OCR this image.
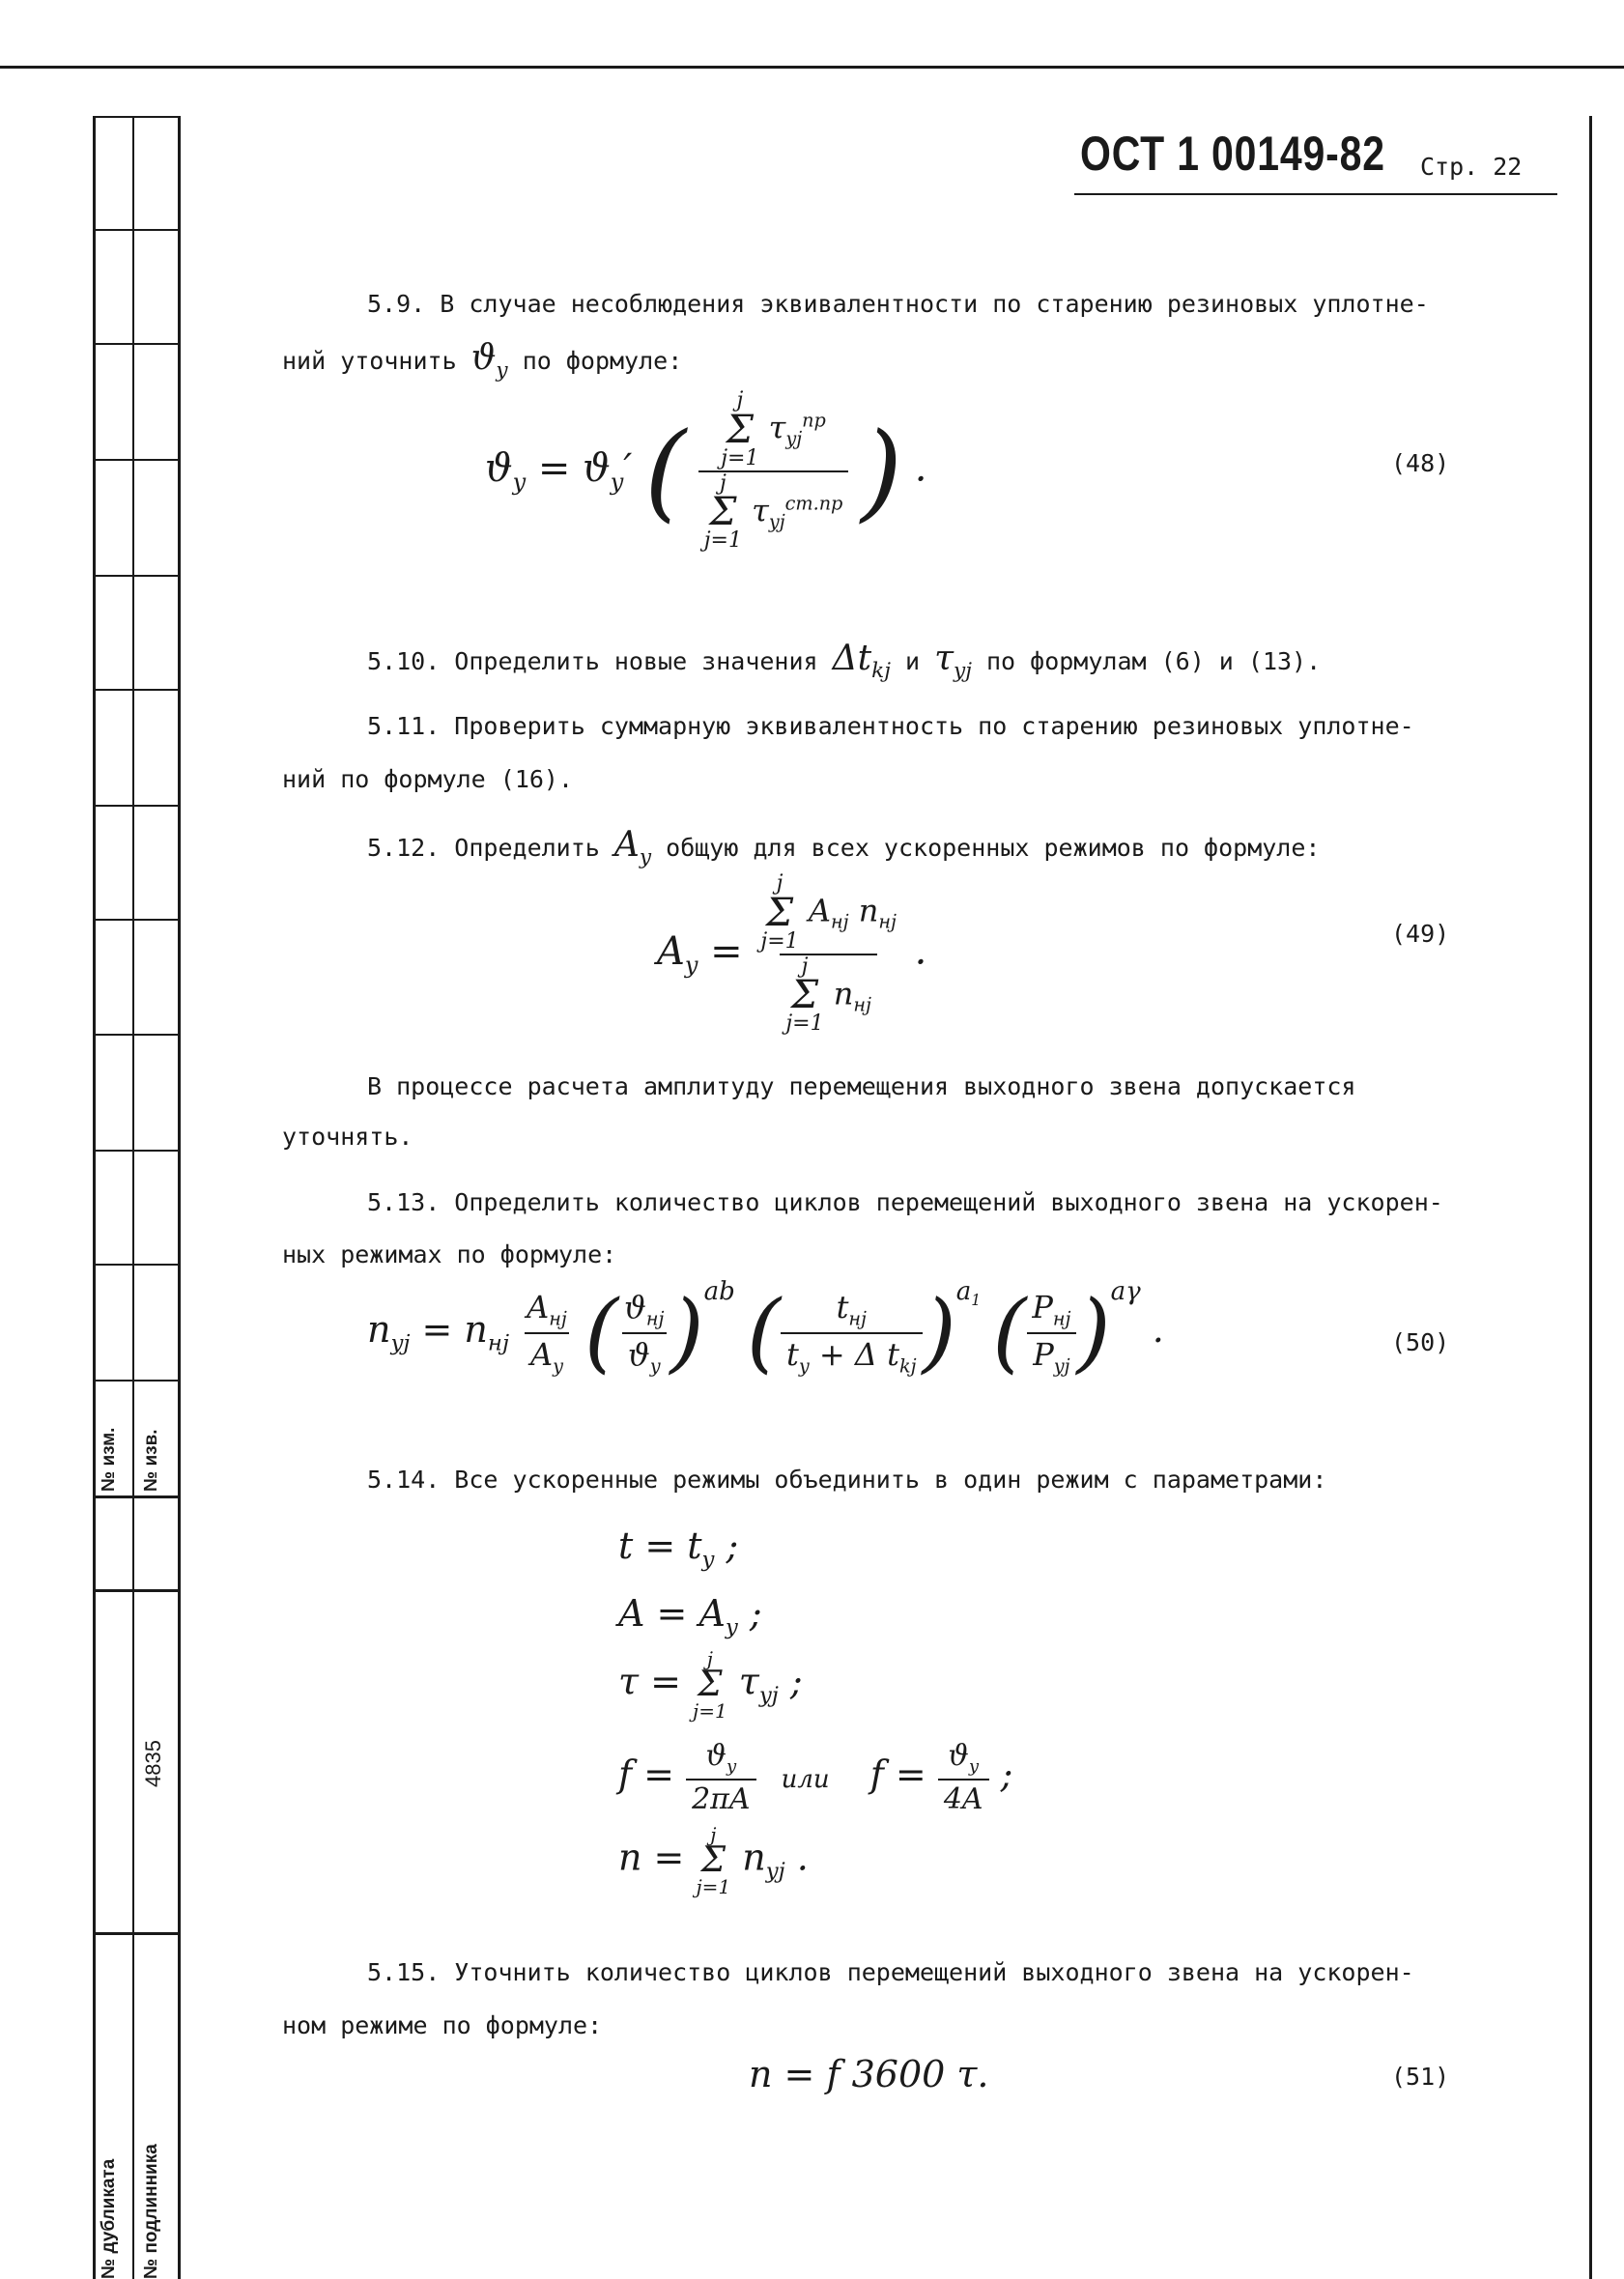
№ изм. № изв.
4835
№ дубликата № подлинника
ОСТ 1 00149-82 Стр. 22
5.9. В случае несоблюдения эквивалентности по старению резиновых уплотне-
ний уточнить $ϑ_y$ по формуле:
$ϑ_y = ϑ_y'$ ( j
Σ
j=1
$\tau_{yj}^{пр}$
j
Σ
j=1
$\tau_{yj}^{ст.пр}$ ) .	(48)
5.10. Определить новые значения $\Delta t_{kj}$ и $\tau_{yj}$ по формулам (6) и (13).
5.11. Проверить суммарную эквивалентность по старению резиновых уплотне-
ний по формуле (16).
5.12. Определить $A_y$ общую для всех ускоренных режимов по формуле:
$A_y = j$
Σ
j=1
$A_{нj}$ $n_{нj}$
j
Σ
j=1
$n_{нj}$ .	(49)
В процессе расчета амплитуду перемещения выходного звена допускается
уточнять.
5.13. Определить количество циклов перемещений выходного звена на ускорен-
ных режимах по формуле:
$n_{yj} = n_{нj} \frac{A_{нj}}{A_y}$ ( $\frac{ϑ_{нj}}{ϑ_y} )^{ab}$ ( $\frac{t_{нj}}{t_y + \Delta t_{kj}} )^{a_1}$ ( $\frac{P_{нj}}{P_{yj}} )^{a\gamma}$ .	(50)
5.14. Все ускоренные режимы объединить в один режим с параметрами:
$t = t_y$ ;
$A = A_y$ ;
τ =
j
Σ
j=1
$\tau_{yj}$ ;
$f = \frac{ϑ_y}{2\pi A}$ или $f = \frac{ϑ_y}{4A}$ ;
n =
j
Σ
j=1
$n_{yj}$ .
5.15. Уточнить количество циклов перемещений выходного звена на ускорен-
ном режиме по формуле:
n = f 3600 τ.	(51)
